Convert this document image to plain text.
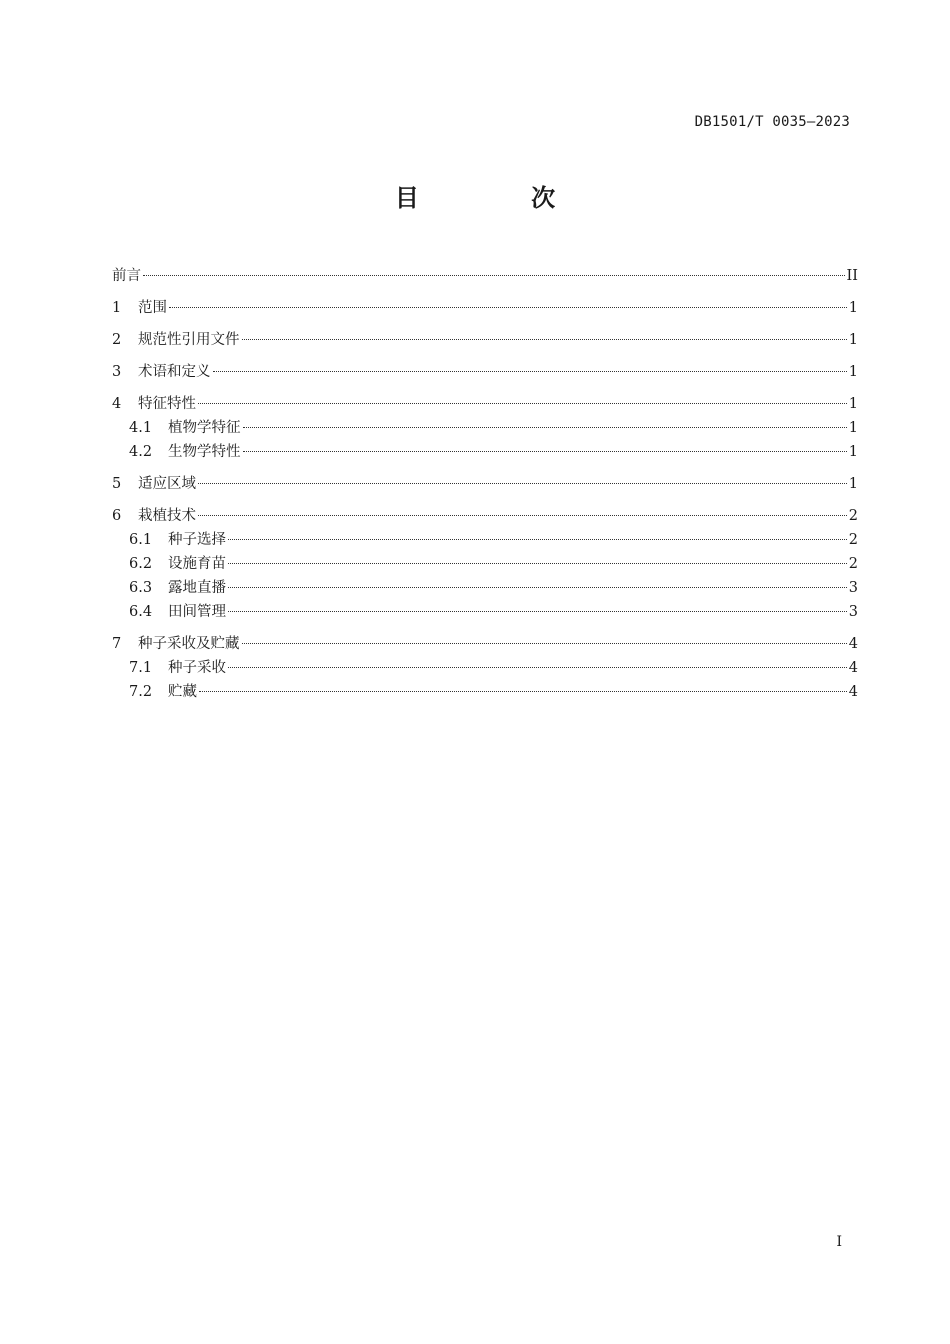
DB1501/T 0035—2023
目 次
前言	II
1	范围	1
2	规范性引用文件	1
3	术语和定义	1
4	特征特性	1
4.1	植物学特征	1
4.2	生物学特性	1
5	适应区域	1
6	栽植技术	2
6.1	种子选择	2
6.2	设施育苗	2
6.3	露地直播	3
6.4	田间管理	3
7	种子采收及贮藏	4
7.1	种子采收	4
7.2	贮藏	4
I
